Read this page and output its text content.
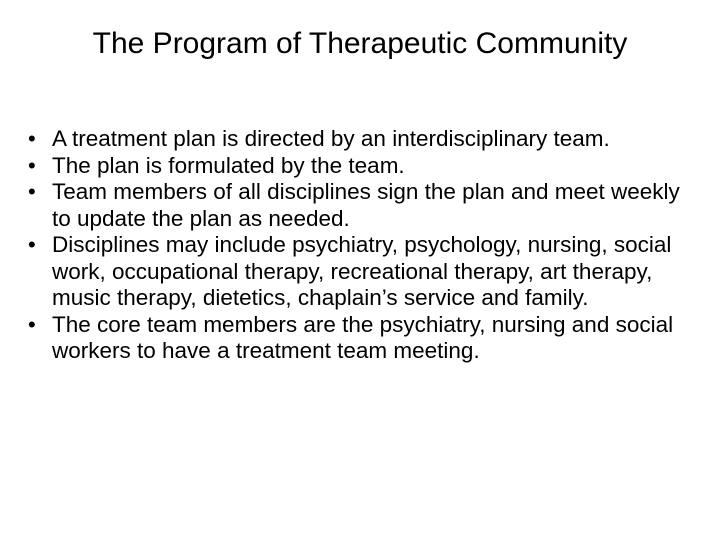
The Program of Therapeutic Community
• A treatment plan is directed by an interdisciplinary team.
• The plan is formulated by the team.
• Team members of all disciplines sign the plan and meet weekly to update the plan as needed.
• Disciplines may include psychiatry, psychology, nursing, social work, occupational therapy, recreational therapy, art therapy, music therapy, dietetics, chaplain’s service and family.
• The core team members are the psychiatry, nursing and social workers to have a treatment team meeting.
